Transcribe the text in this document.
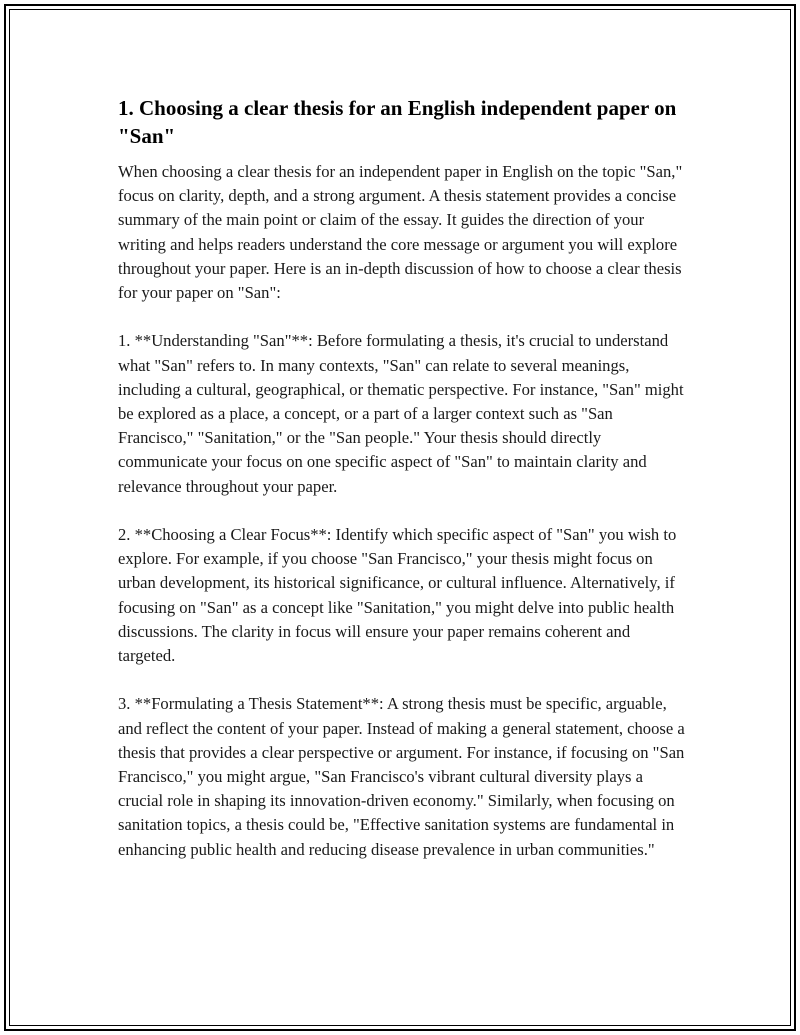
1. Choosing a clear thesis for an English independent paper on "San"

When choosing a clear thesis for an independent paper in English on the topic "San," focus on clarity, depth, and a strong argument. A thesis statement provides a concise summary of the main point or claim of the essay. It guides the direction of your writing and helps readers understand the core message or argument you will explore throughout your paper. Here is an in-depth discussion of how to choose a clear thesis for your paper on "San":

1. **Understanding "San"**: Before formulating a thesis, it's crucial to understand what "San" refers to. In many contexts, "San" can relate to several meanings, including a cultural, geographical, or thematic perspective. For instance, "San" might be explored as a place, a concept, or a part of a larger context such as "San Francisco," "Sanitation," or the "San people." Your thesis should directly communicate your focus on one specific aspect of "San" to maintain clarity and relevance throughout your paper.

2. **Choosing a Clear Focus**: Identify which specific aspect of "San" you wish to explore. For example, if you choose "San Francisco," your thesis might focus on urban development, its historical significance, or cultural influence. Alternatively, if focusing on "San" as a concept like "Sanitation," you might delve into public health discussions. The clarity in focus will ensure your paper remains coherent and targeted.

3. **Formulating a Thesis Statement**: A strong thesis must be specific, arguable, and reflect the content of your paper. Instead of making a general statement, choose a thesis that provides a clear perspective or argument. For instance, if focusing on "San Francisco," you might argue, "San Francisco's vibrant cultural diversity plays a crucial role in shaping its innovation-driven economy." Similarly, when focusing on sanitation topics, a thesis could be, "Effective sanitation systems are fundamental in enhancing public health and reducing disease prevalence in urban communities."
